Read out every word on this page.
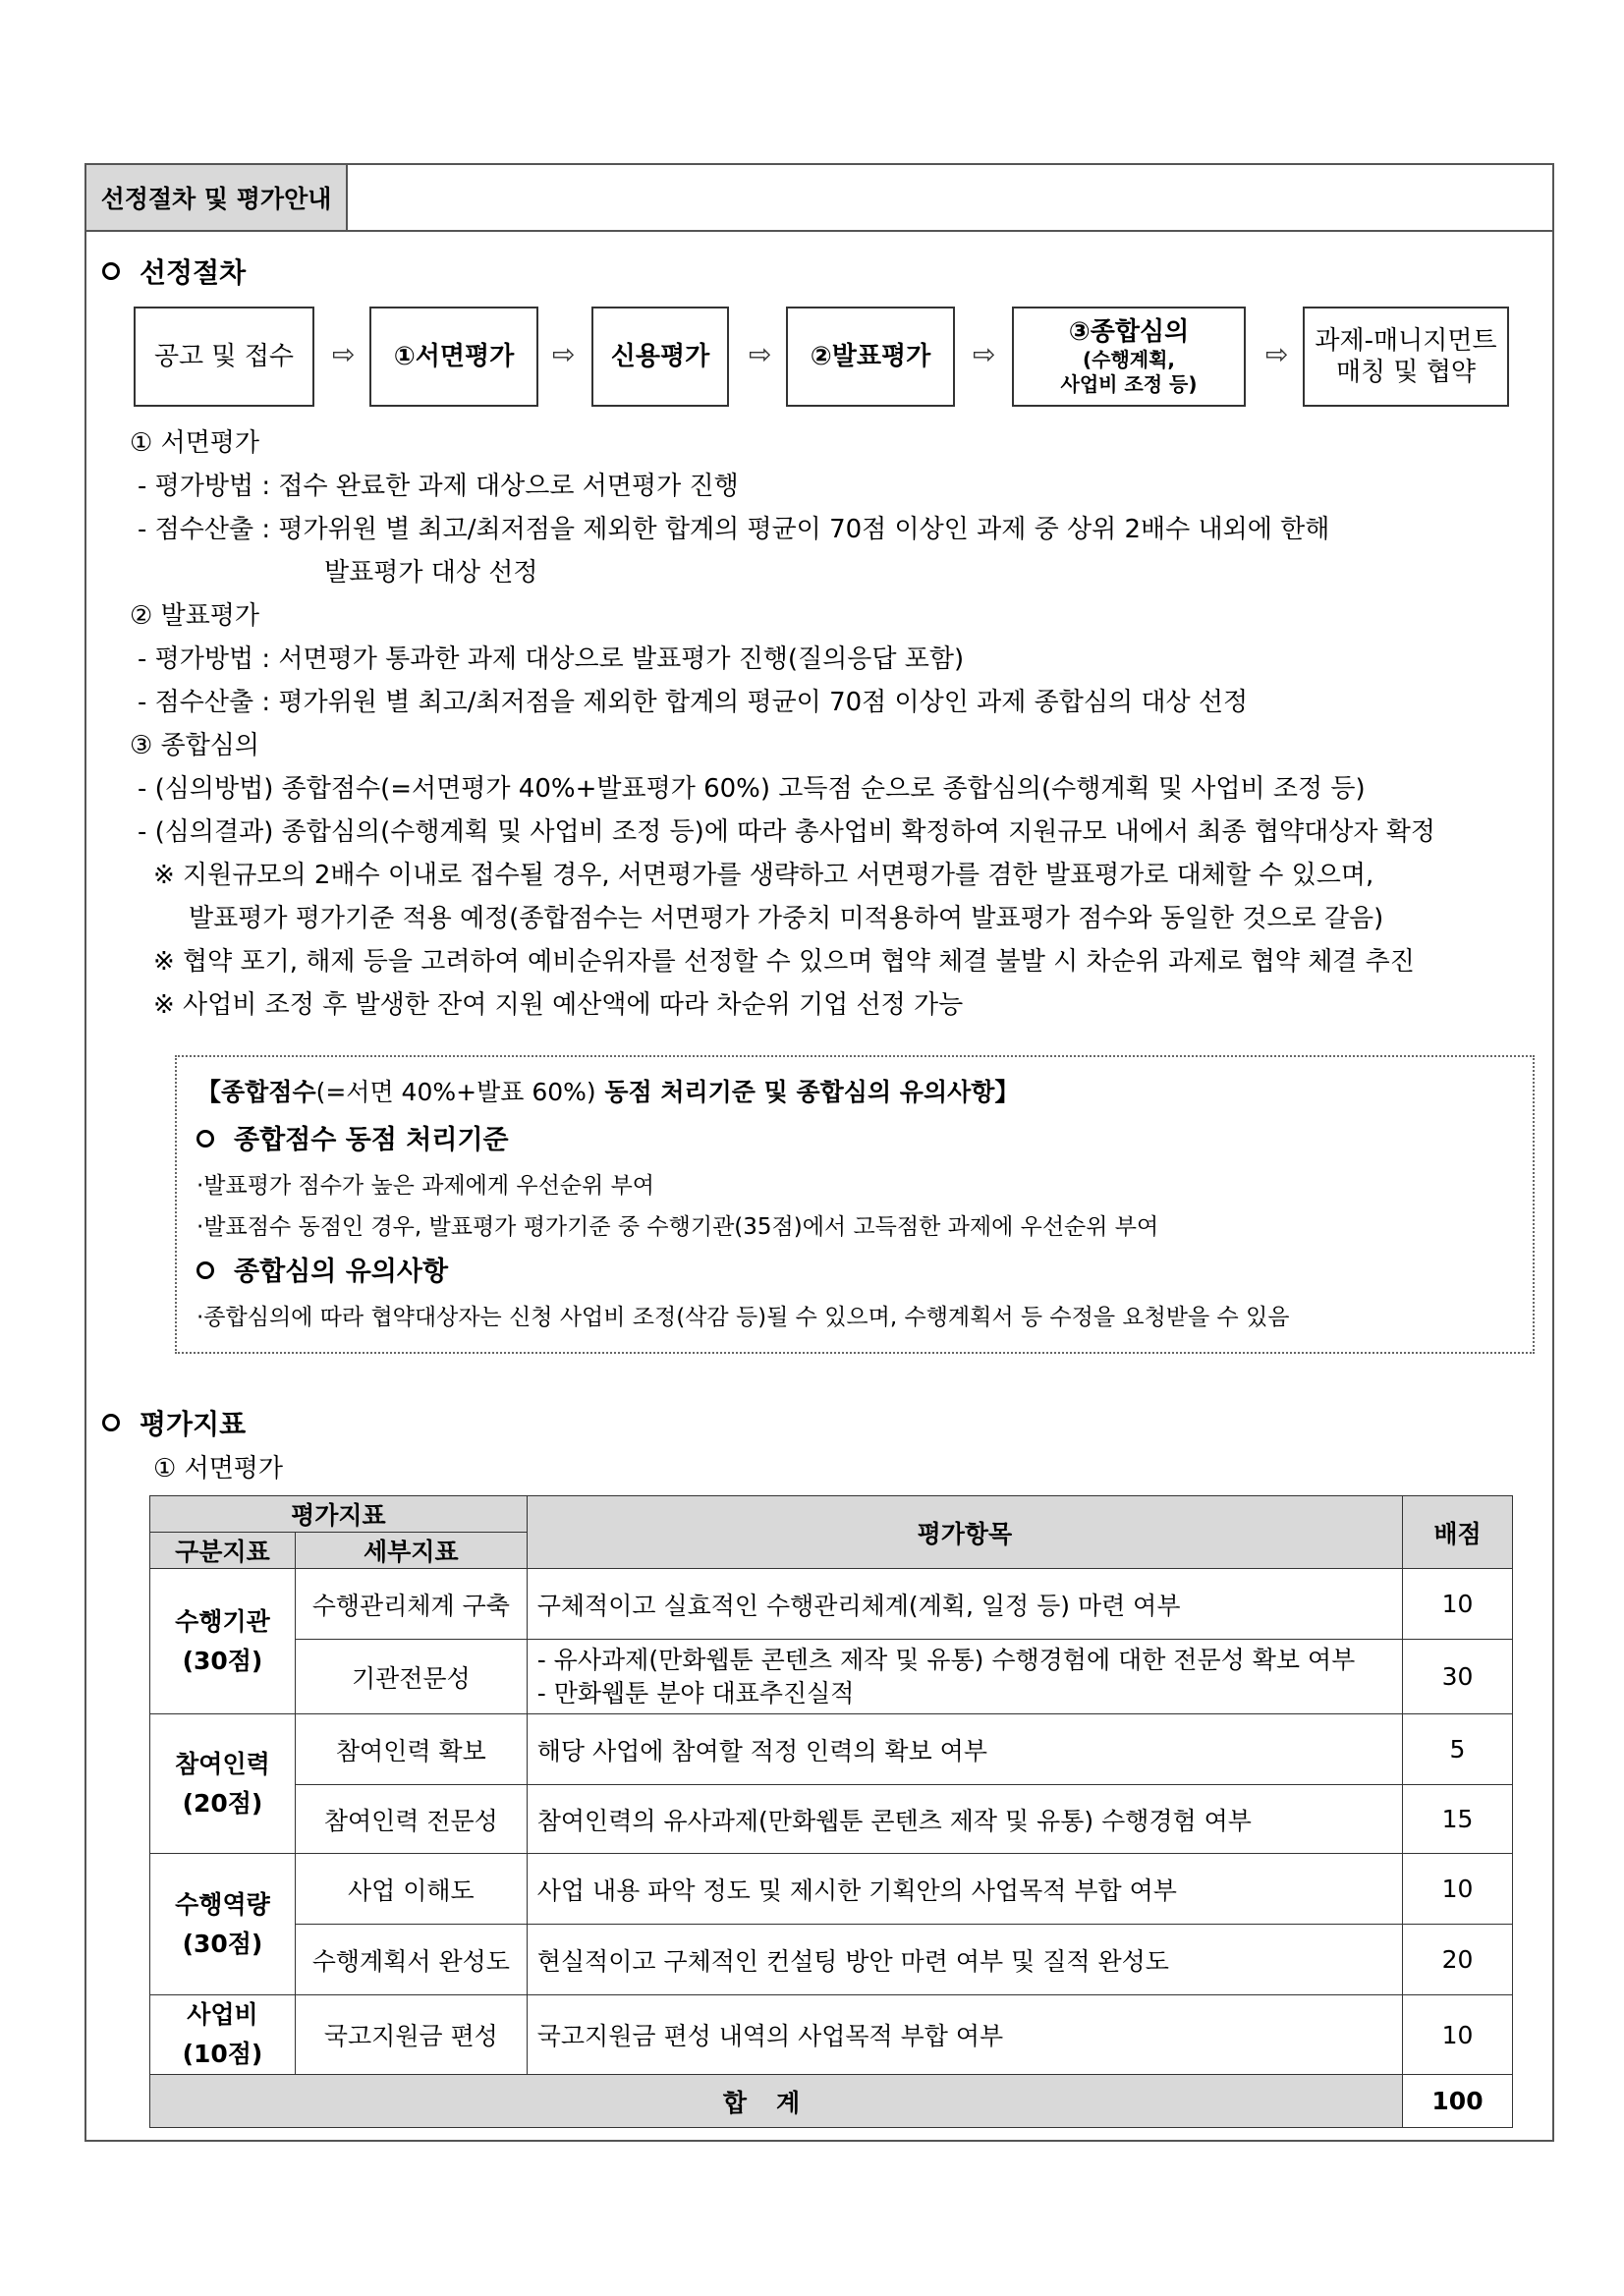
선정절차 및 평가안내
선정절차
공고 및 접수 ⇨ ①서면평가 ⇨ 신용평가 ⇨ ②발표평가 ⇨
③종합심의
(수행계획,
사업비 조정 등)
⇨ 과제-매니지먼트
매칭 및 협약
① 서면평가
- 평가방법 : 접수 완료한 과제 대상으로 서면평가 진행
- 점수산출 : 평가위원 별 최고/최저점을 제외한 합계의 평균이 70점 이상인 과제 중 상위 2배수 내외에 한해
발표평가 대상 선정
② 발표평가
- 평가방법 : 서면평가 통과한 과제 대상으로 발표평가 진행(질의응답 포함)
- 점수산출 : 평가위원 별 최고/최저점을 제외한 합계의 평균이 70점 이상인 과제 종합심의 대상 선정
③ 종합심의
- (심의방법) 종합점수(=서면평가 40%+발표평가 60%) 고득점 순으로 종합심의(수행계획 및 사업비 조정 등)
- (심의결과) 종합심의(수행계획 및 사업비 조정 등)에 따라 총사업비 확정하여 지원규모 내에서 최종 협약대상자 확정
※ 지원규모의 2배수 이내로 접수될 경우, 서면평가를 생략하고 서면평가를 겸한 발표평가로 대체할 수 있으며,
발표평가 평가기준 적용 예정(종합점수는 서면평가 가중치 미적용하여 발표평가 점수와 동일한 것으로 갈음)
※ 협약 포기, 해제 등을 고려하여 예비순위자를 선정할 수 있으며 협약 체결 불발 시 차순위 과제로 협약 체결 추진
※ 사업비 조정 후 발생한 잔여 지원 예산액에 따라 차순위 기업 선정 가능
【종합점수(=서면 40%+발표 60%) 동점 처리기준 및 종합심의 유의사항】
종합점수 동점 처리기준
·발표평가 점수가 높은 과제에게 우선순위 부여
·발표점수 동점인 경우, 발표평가 평가기준 중 수행기관(35점)에서 고득점한 과제에 우선순위 부여
종합심의 유의사항
·종합심의에 따라 협약대상자는 신청 사업비 조정(삭감 등)될 수 있으며, 수행계획서 등 수정을 요청받을 수 있음
평가지표
① 서면평가
평가지표		평가항목	배점
구분지표	세부지표		
수행기관
(30점)	수행관리체계 구축	구체적이고 실효적인 수행관리체계(계획, 일정 등) 마련 여부	10
	기관전문성	- 유사과제(만화웹툰 콘텐츠 제작 및 유통) 수행경험에 대한 전문성 확보 여부
- 만화웹툰 분야 대표추진실적	30
참여인력
(20점)	참여인력 확보	해당 사업에 참여할 적정 인력의 확보 여부	5
	참여인력 전문성	참여인력의 유사과제(만화웹툰 콘텐츠 제작 및 유통) 수행경험 여부	15
수행역량
(30점)	사업 이해도	사업 내용 파악 정도 및 제시한 기획안의 사업목적 부합 여부	10
	수행계획서 완성도	현실적이고 구체적인 컨설팅 방안 마련 여부 및 질적 완성도	20
사업비
(10점)	국고지원금 편성	국고지원금 편성 내역의 사업목적 부합 여부	10
합계			100
